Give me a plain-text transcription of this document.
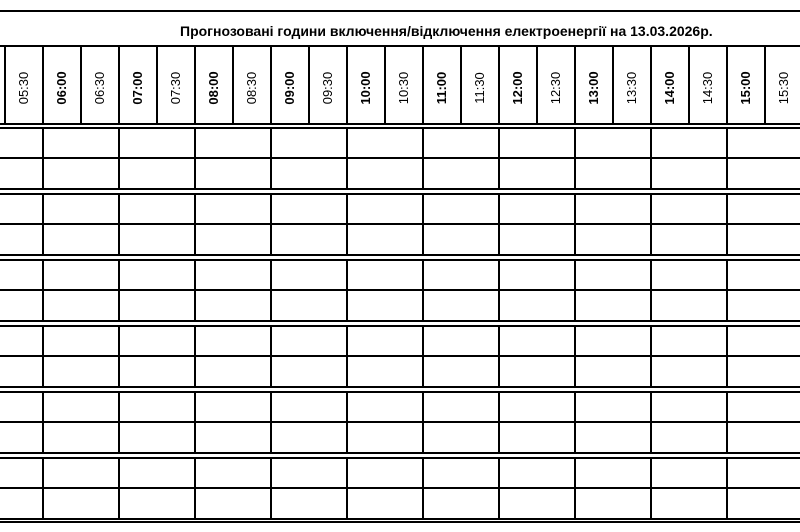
Прогнозовані години включення/відключення електроенергії на 13.03.2026р.
05:30 06:00 06:30 07:00 07:30 08:00 08:30 09:00 09:30 10:00 10:30 11:00 11:30 12:00 12:30 13:00 13:30 14:00 14:30 15:00 15:30
